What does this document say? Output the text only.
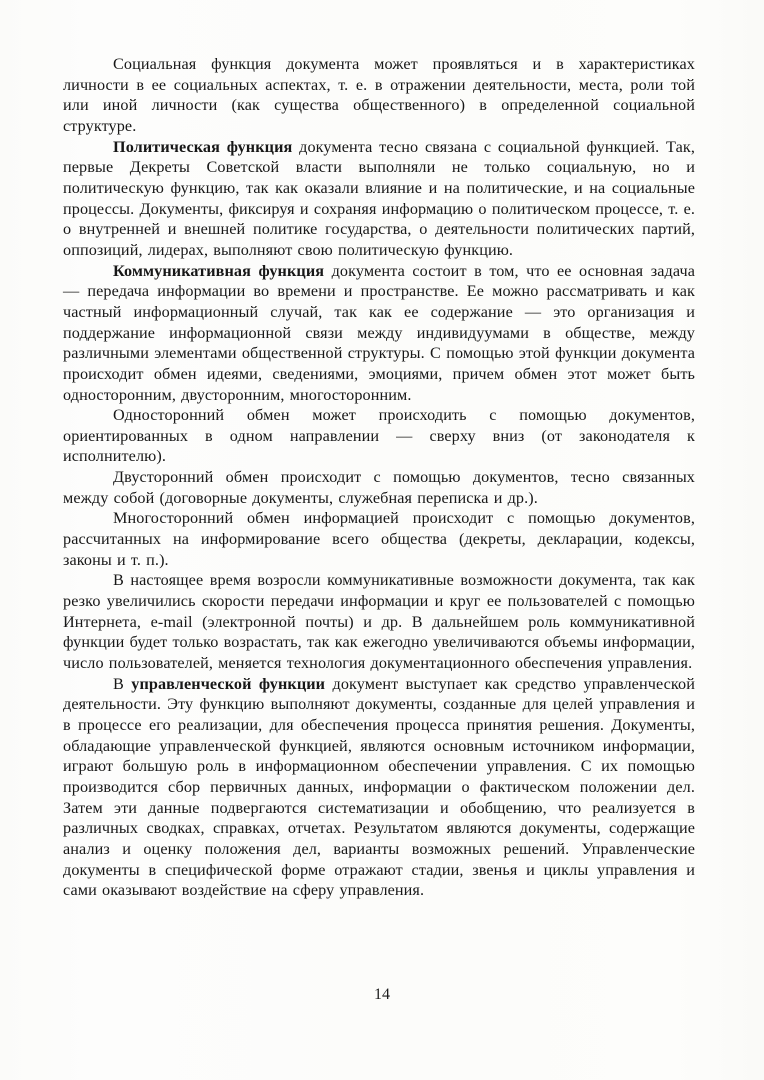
Социальная функция документа может проявляться и в характеристиках личности в ее социальных аспектах, т. е. в отражении деятельности, места, роли той или иной личности (как существа общественного) в определенной социальной структуре.

Политическая функция документа тесно связана с социальной функцией. Так, первые Декреты Советской власти выполняли не только социальную, но и политическую функцию, так как оказали влияние и на политические, и на социальные процессы. Документы, фиксируя и сохраняя информацию о политическом процессе, т. е. о внутренней и внешней политике государства, о деятельности политических партий, оппозиций, лидерах, выполняют свою политическую функцию.

Коммуникативная функция документа состоит в том, что ее основная задача — передача информации во времени и пространстве. Ее можно рассматривать и как частный информационный случай, так как ее содержание — это организация и поддержание информационной связи между индивидуумами в обществе, между различными элементами общественной структуры. С помощью этой функции документа происходит обмен идеями, сведениями, эмоциями, причем обмен этот может быть односторонним, двусторонним, многосторонним.

Односторонний обмен может происходить с помощью документов, ориентированных в одном направлении — сверху вниз (от законодателя к исполнителю).

Двусторонний обмен происходит с помощью документов, тесно связанных между собой (договорные документы, служебная переписка и др.).

Многосторонний обмен информацией происходит с помощью документов, рассчитанных на информирование всего общества (декреты, декларации, кодексы, законы и т. п.).

В настоящее время возросли коммуникативные возможности документа, так как резко увеличились скорости передачи информации и круг ее пользователей с помощью Интернета, e-mail (электронной почты) и др. В дальнейшем роль коммуникативной функции будет только возрастать, так как ежегодно увеличиваются объемы информации, число пользователей, меняется технология документационного обеспечения управления.

В управленческой функции документ выступает как средство управленческой деятельности. Эту функцию выполняют документы, созданные для целей управления и в процессе его реализации, для обеспечения процесса принятия решения. Документы, обладающие управленческой функцией, являются основным источником информации, играют большую роль в информационном обеспечении управления. С их помощью производится сбор первичных данных, информации о фактическом положении дел. Затем эти данные подвергаются систематизации и обобщению, что реализуется в различных сводках, справках, отчетах. Результатом являются документы, содержащие анализ и оценку положения дел, варианты возможных решений. Управленческие документы в специфической форме отражают стадии, звенья и циклы управления и сами оказывают воздействие на сферу управления.

14
